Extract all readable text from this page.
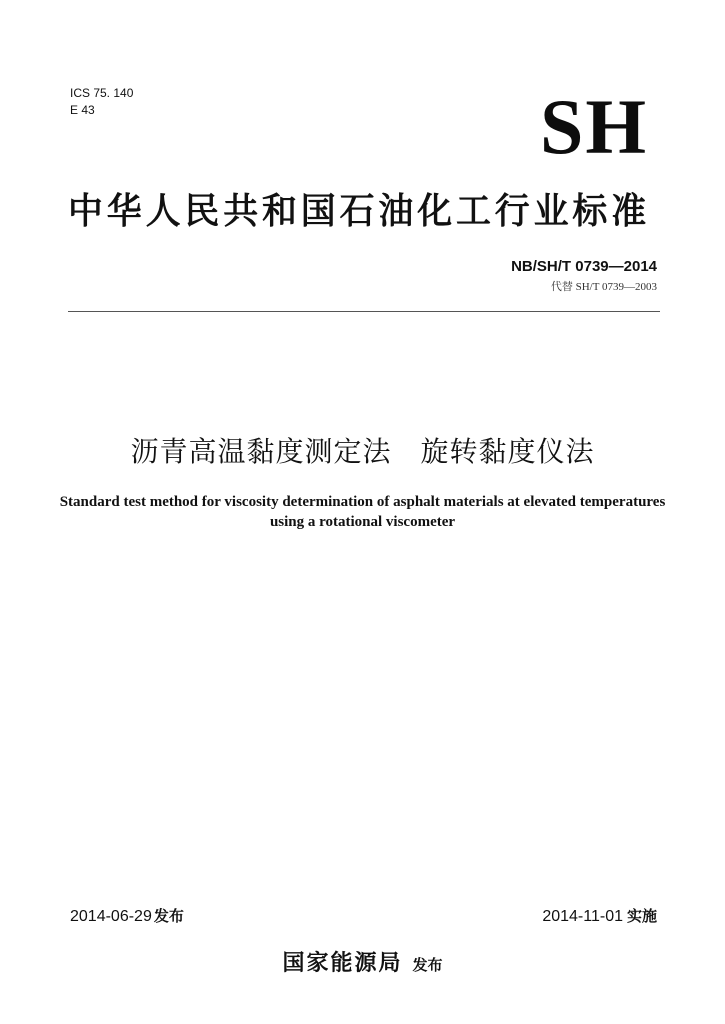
ICS 75. 140
E 43	SH
中华人民共和国石油化工行业标准
NB/SH/T 0739—2014
代替 SH/T 0739—2003
沥青高温黏度测定法　旋转黏度仪法
Standard test method for viscosity determination of asphalt materials at elevated temperatures using a rotational viscometer
2014-06-29 发布	2014-11-01 实施
国家能源局 发布
